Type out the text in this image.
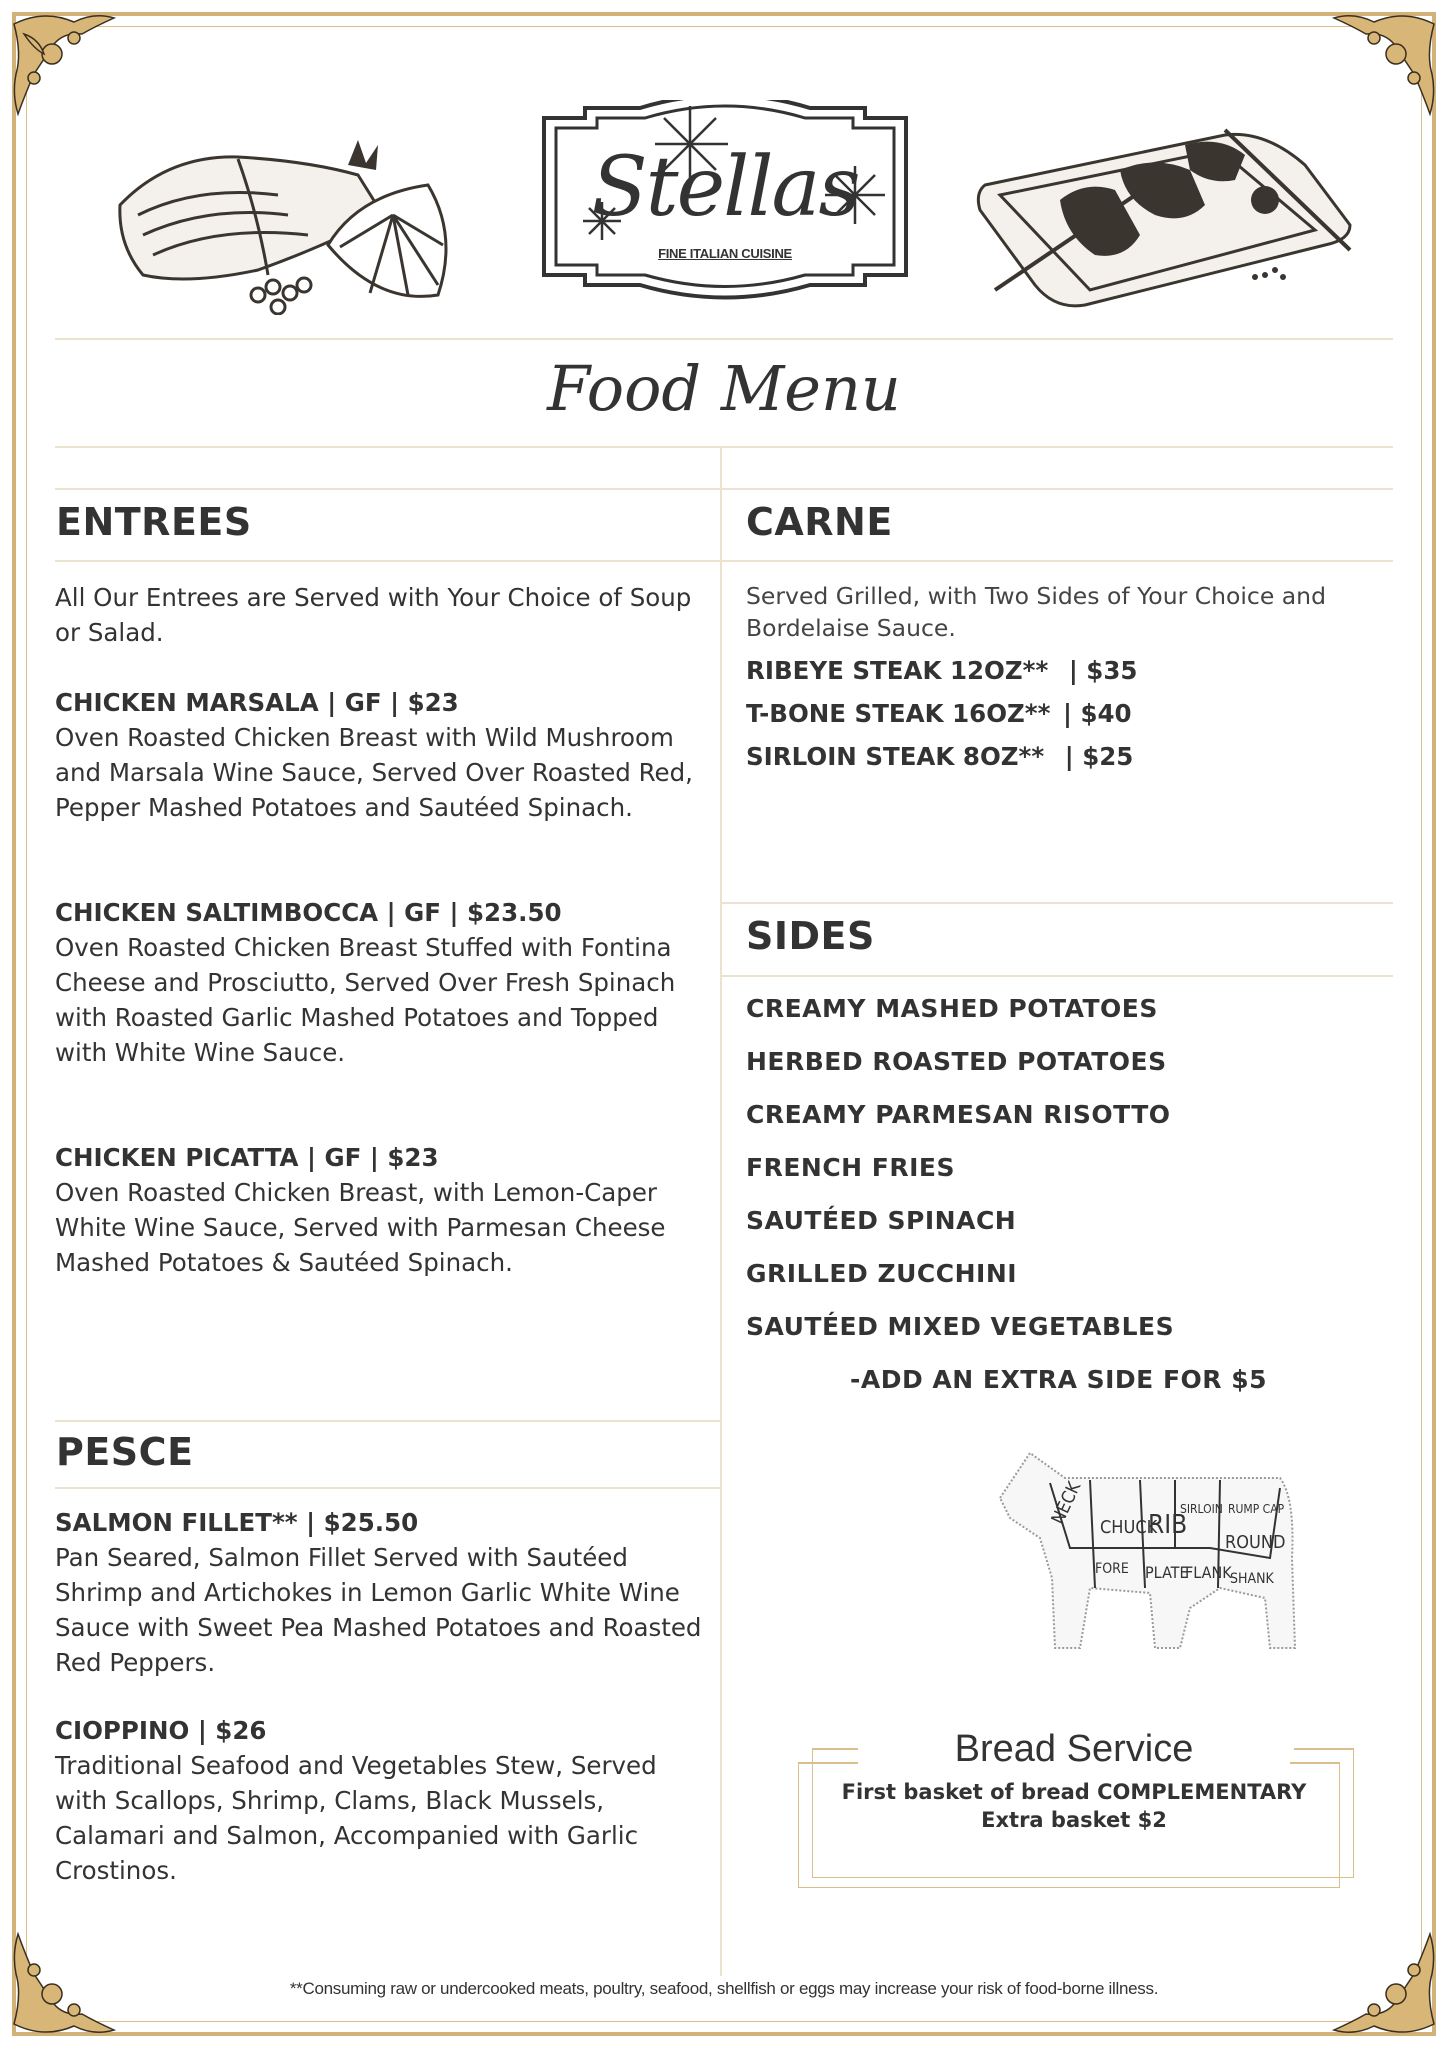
Stellas
FINE ITALIAN CUISINE
Food Menu
ENTREES
All Our Entrees are Served with Your Choice of Soup or Salad.
CHICKEN MARSALA | GF | $23
Oven Roasted Chicken Breast with Wild Mushroom and Marsala Wine Sauce, Served Over Roasted Red, Pepper Mashed Potatoes and Sautéed Spinach.
CHICKEN SALTIMBOCCA | GF | $23.50
Oven Roasted Chicken Breast Stuffed with Fontina Cheese and Prosciutto, Served Over Fresh Spinach with Roasted Garlic Mashed Potatoes and Topped with White Wine Sauce.
CHICKEN PICATTA | GF | $23
Oven Roasted Chicken Breast, with Lemon-Caper White Wine Sauce, Served with Parmesan Cheese Mashed Potatoes & Sautéed Spinach.
PESCE
SALMON FILLET** | $25.50
Pan Seared, Salmon Fillet Served with Sautéed Shrimp and Artichokes in Lemon Garlic White Wine Sauce with Sweet Pea Mashed Potatoes and Roasted Red Peppers.
CIOPPINO | $26
Traditional Seafood and Vegetables Stew, Served with Scallops, Shrimp, Clams, Black Mussels, Calamari and Salmon, Accompanied with Garlic Crostinos.
CARNE
Served Grilled, with Two Sides of Your Choice and Bordelaise Sauce.
RIBEYE STEAK 12OZ** | $35
T-BONE STEAK 16OZ** | $40
SIRLOIN STEAK 8OZ** | $25
SIDES
CREAMY MASHED POTATOES
HERBED ROASTED POTATOES
CREAMY PARMESAN RISOTTO
FRENCH FRIES
SAUTÉED SPINACH
GRILLED ZUCCHINI
SAUTÉED MIXED VEGETABLES
-ADD AN EXTRA SIDE FOR $5
NECK CHUCK
RIB
SIRLOIN RUMP CAP
ROUND
FORE PLATE
FLANK
SHANK
Bread Service
First basket of bread COMPLEMENTARY
Extra basket $2
**Consuming raw or undercooked meats, poultry, seafood, shellfish or eggs may increase your risk of food-borne illness.
